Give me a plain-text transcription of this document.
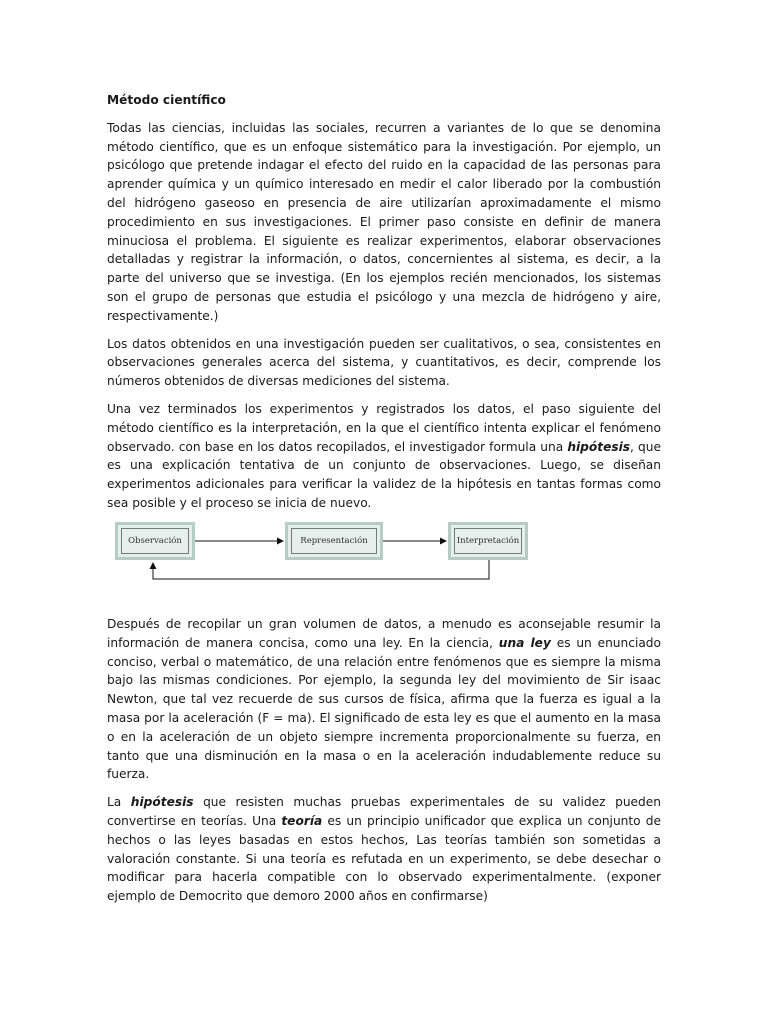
Método científico

Todas las ciencias, incluidas las sociales, recurren a variantes de lo que se denomina método científico, que es un enfoque sistemático para la investigación. Por ejemplo, un psicólogo que pretende indagar el efecto del ruido en la capacidad de las personas para aprender química y un químico interesado en medir el calor liberado por la combustión del hidrógeno gaseoso en presencia de aire utilizarían aproximadamente el mismo procedimiento en sus investigaciones. El primer paso consiste en definir de manera minuciosa el problema. El siguiente es realizar experimentos, elaborar observaciones detalladas y registrar la información, o datos, concernientes al sistema, es decir, a la parte del universo que se investiga. (En los ejemplos recién mencionados, los sistemas son el grupo de personas que estudia el psicólogo y una mezcla de hidrógeno y aire, respectivamente.)

Los datos obtenidos en una investigación pueden ser cualitativos, o sea, consistentes en observaciones generales acerca del sistema, y cuantitativos, es decir, comprende los números obtenidos de diversas mediciones del sistema.

Una vez terminados los experimentos y registrados los datos, el paso siguiente del método científico es la interpretación, en la que el científico intenta explicar el fenómeno observado. con base en los datos recopilados, el investigador formula una hipótesis, que es una explicación tentativa de un conjunto de observaciones. Luego, se diseñan experimentos adicionales para verificar la validez de la hipótesis en tantas formas como sea posible y el proceso se inicia de nuevo.

Observación	Representación	Interpretación

Después de recopilar un gran volumen de datos, a menudo es aconsejable resumir la información de manera concisa, como una ley. En la ciencia, una ley es un enunciado conciso, verbal o matemático, de una relación entre fenómenos que es siempre la misma bajo las mismas condiciones. Por ejemplo, la segunda ley del movimiento de Sir isaac Newton, que tal vez recuerde de sus cursos de física, afirma que la fuerza es igual a la masa por la aceleración (F = ma). El significado de esta ley es que el aumento en la masa o en la aceleración de un objeto siempre incrementa proporcionalmente su fuerza, en tanto que una disminución en la masa o en la aceleración indudablemente reduce su fuerza.

La hipótesis que resisten muchas pruebas experimentales de su validez pueden convertirse en teorías. Una teoría es un principio unificador que explica un conjunto de hechos o las leyes basadas en estos hechos, Las teorías también son sometidas a valoración constante. Si una teoría es refutada en un experimento, se debe desechar o modificar para hacerla compatible con lo observado experimentalmente. (exponer ejemplo de Democrito que demoro 2000 años en confirmarse)
